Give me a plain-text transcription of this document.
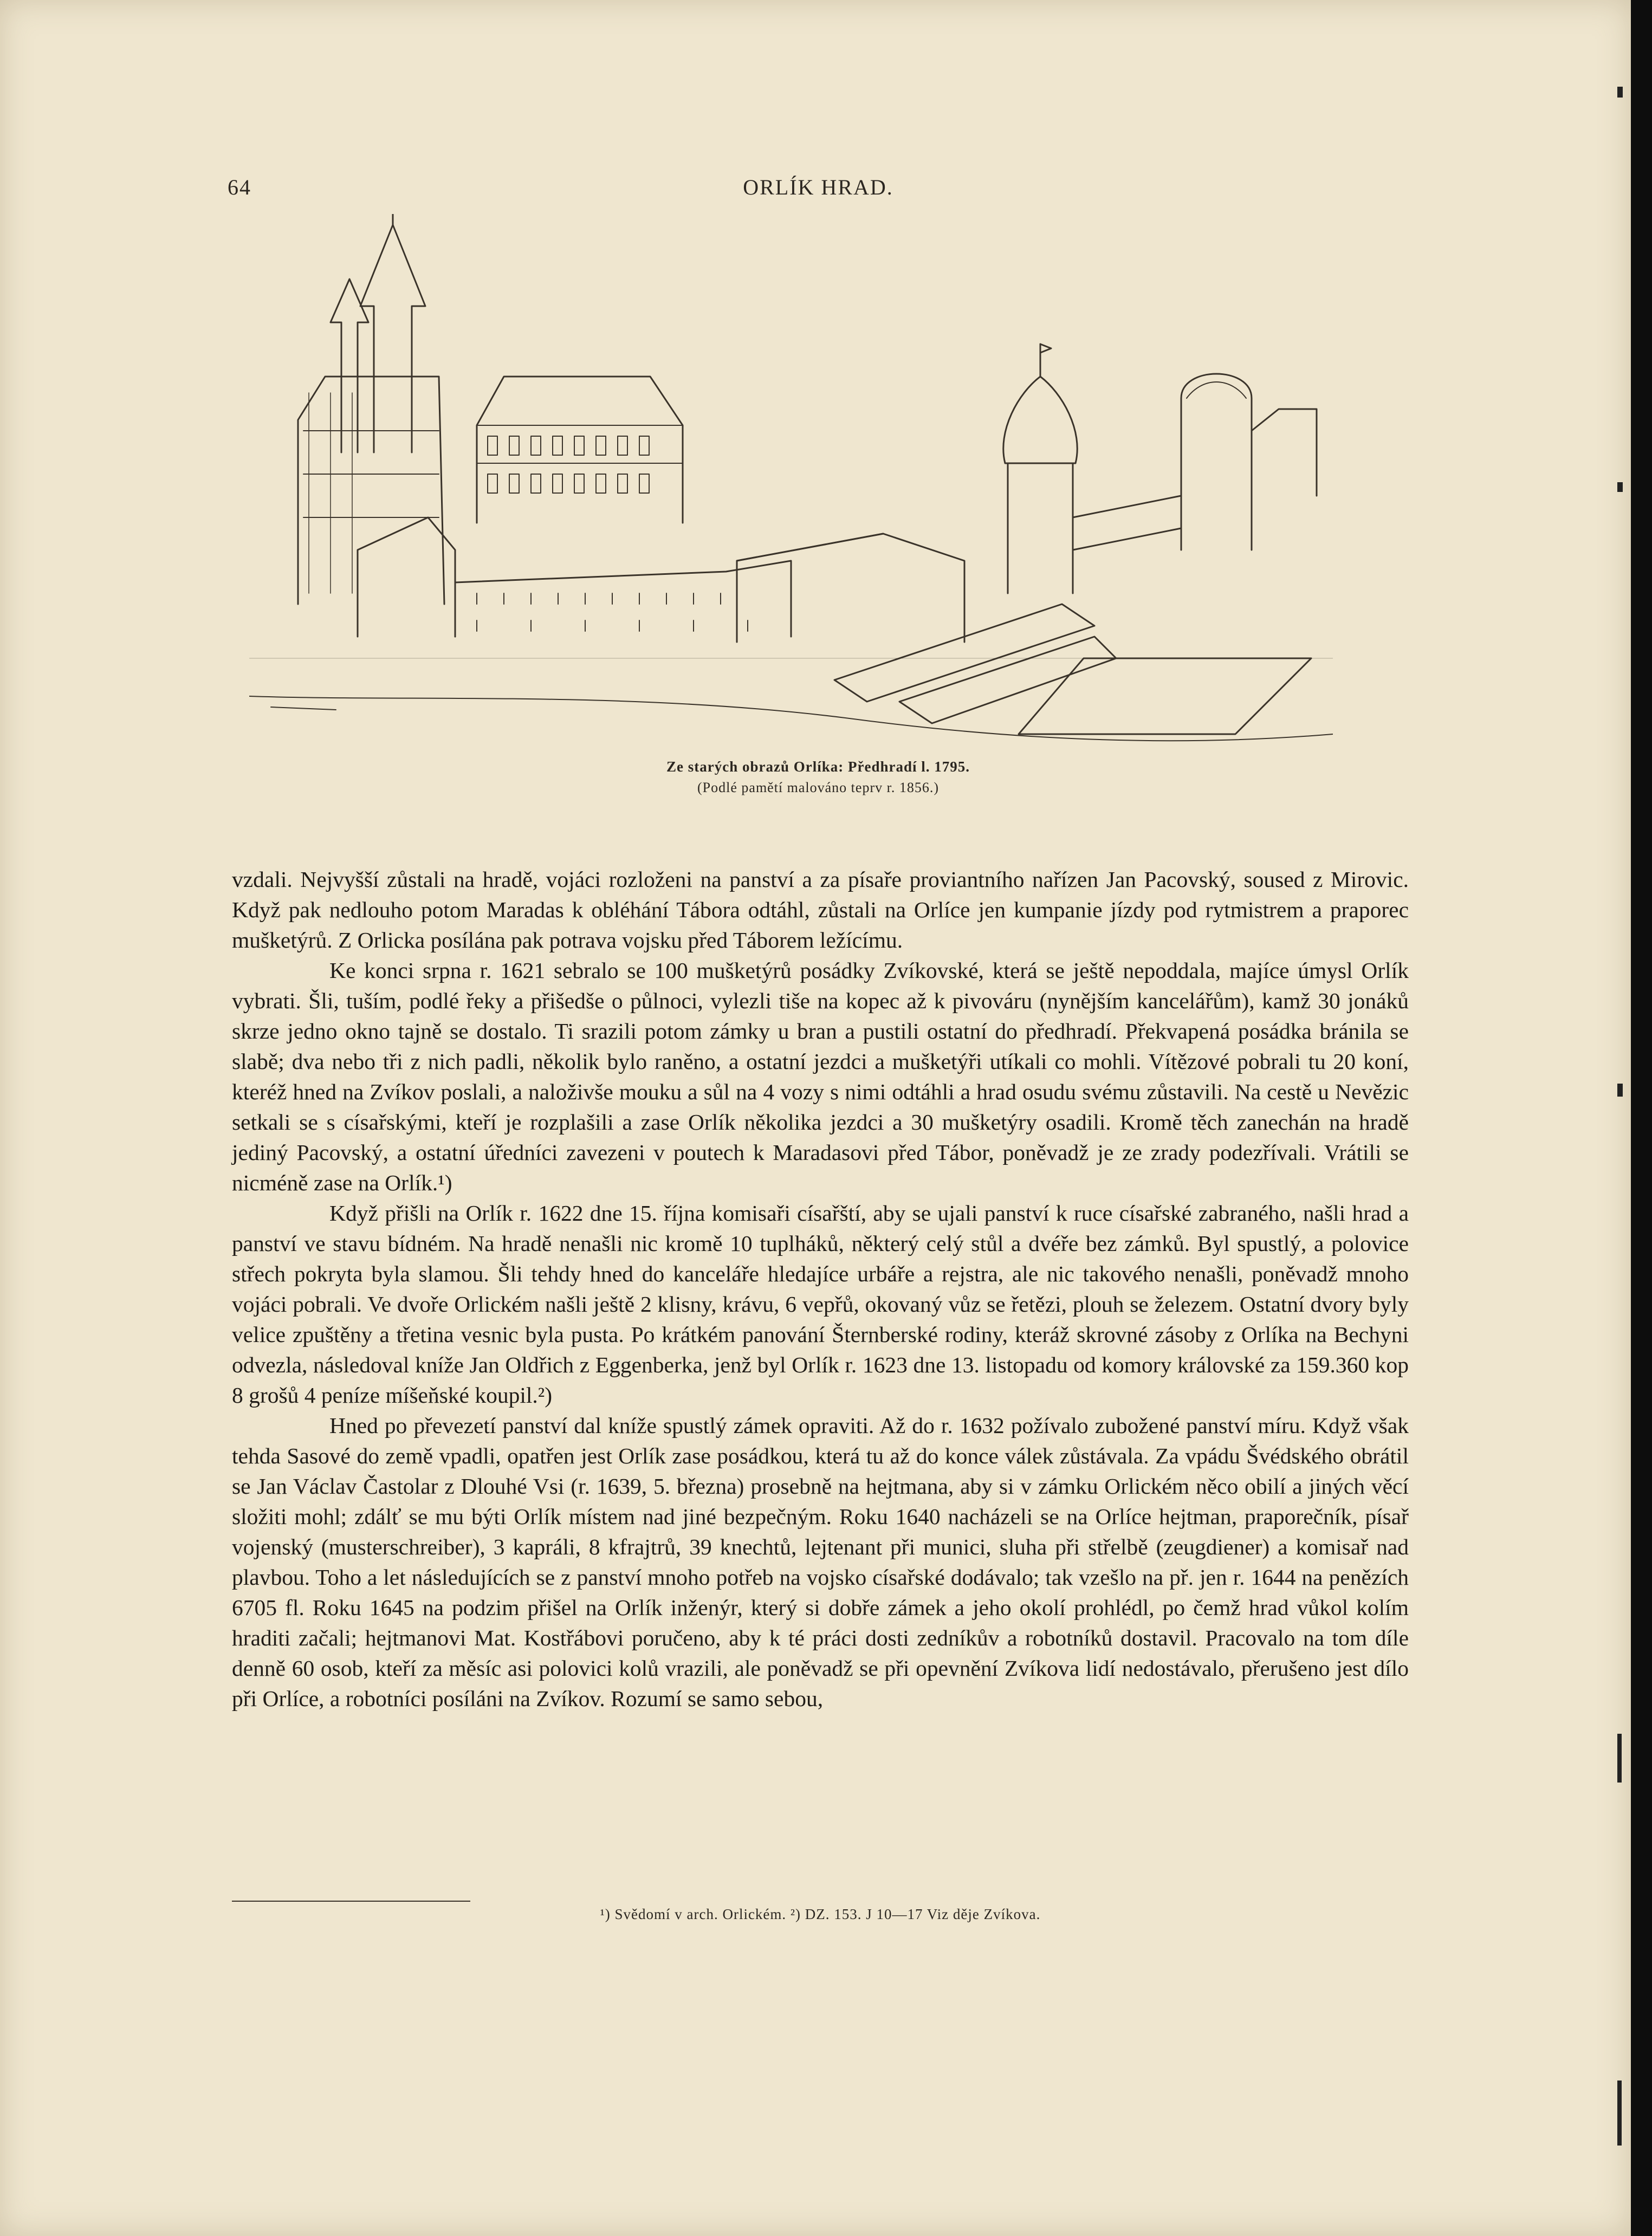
64	ORLÍK HRAD.
Ze starých obrazů Orlíka: Předhradí l. 1795.
(Podlé pamětí malováno teprv r. 1856.)

vzdali. Nejvyšší zůstali na hradě, vojáci rozloženi na panství a za písaře proviantního nařízen Jan Pacovský, soused z Mirovic. Když pak nedlouho potom Maradas k obléhání Tábora odtáhl, zůstali na Orlíce jen kumpanie jízdy pod rytmistrem a praporec mušketýrů. Z Orlicka posílána pak potrava vojsku před Táborem ležícímu.

Ke konci srpna r. 1621 sebralo se 100 mušketýrů posádky Zvíkovské, která se ještě nepoddala, majíce úmysl Orlík vybrati. Šli, tuším, podlé řeky a přišedše o půlnoci, vylezli tiše na kopec až k pivováru (nynějším kancelářům), kamž 30 jonáků skrze jedno okno tajně se dostalo. Ti srazili potom zámky u bran a pustili ostatní do předhradí. Překvapená posádka bránila se slabě; dva nebo tři z nich padli, několik bylo raněno, a ostatní jezdci a mušketýři utíkali co mohli. Vítězové pobrali tu 20 koní, kteréž hned na Zvíkov poslali, a naloživše mouku a sůl na 4 vozy s nimi odtáhli a hrad osudu svému zůstavili. Na cestě u Nevězic setkali se s císařskými, kteří je rozplašili a zase Orlík několika jezdci a 30 mušketýry osadili. Kromě těch zanechán na hradě jediný Pacovský, a ostatní úředníci zavezeni v poutech k Maradasovi před Tábor, poněvadž je ze zrady podezřívali. Vrátili se nicméně zase na Orlík.¹)

Když přišli na Orlík r. 1622 dne 15. října komisaři císařští, aby se ujali panství k ruce císařské zabraného, našli hrad a panství ve stavu bídném. Na hradě nenašli nic kromě 10 tuplháků, některý celý stůl a dvéře bez zámků. Byl spustlý, a polovice střech pokryta byla slamou. Šli tehdy hned do kanceláře hledajíce urbáře a rejstra, ale nic takového nenašli, poněvadž mnoho vojáci pobrali. Ve dvoře Orlickém našli ještě 2 klisny, krávu, 6 vepřů, okovaný vůz se řetězi, plouh se železem. Ostatní dvory byly velice zpuštěny a třetina vesnic byla pusta. Po krátkém panování Šternberské rodiny, kteráž skrovné zásoby z Orlíka na Bechyni odvezla, následoval kníže Jan Oldřich z Eggenberka, jenž byl Orlík r. 1623 dne 13. listopadu od komory královské za 159.360 kop 8 grošů 4 peníze míšeňské koupil.²)

Hned po převezetí panství dal kníže spustlý zámek opraviti. Až do r. 1632 požívalo zubožené panství míru. Když však tehda Sasové do země vpadli, opatřen jest Orlík zase posádkou, která tu až do konce válek zůstávala. Za vpádu Švédského obrátil se Jan Václav Častolar z Dlouhé Vsi (r. 1639, 5. března) prosebně na hejtmana, aby si v zámku Orlickém něco obilí a jiných věcí složiti mohl; zdálť se mu býti Orlík místem nad jiné bezpečným. Roku 1640 nacházeli se na Orlíce hejtman, praporečník, písař vojenský (musterschreiber), 3 kapráli, 8 kfrajtrů, 39 knechtů, lejtenant při munici, sluha při střelbě (zeugdiener) a komisař nad plavbou. Toho a let následujících se z panství mnoho potřeb na vojsko císařské dodávalo; tak vzešlo na př. jen r. 1644 na penězích 6705 fl. Roku 1645 na podzim přišel na Orlík inženýr, který si dobře zámek a jeho okolí prohlédl, po čemž hrad vůkol kolím hraditi začali; hejtmanovi Mat. Kostřábovi poručeno, aby k té práci dosti zedníkův a robotníků dostavil. Pracovalo na tom díle denně 60 osob, kteří za měsíc asi polovici kolů vrazili, ale poněvadž se při opevnění Zvíkova lidí nedostávalo, přerušeno jest dílo při Orlíce, a robotníci posíláni na Zvíkov. Rozumí se samo sebou,

¹) Svědomí v arch. Orlickém. ²) DZ. 153. J 10—17 Viz děje Zvíkova.
